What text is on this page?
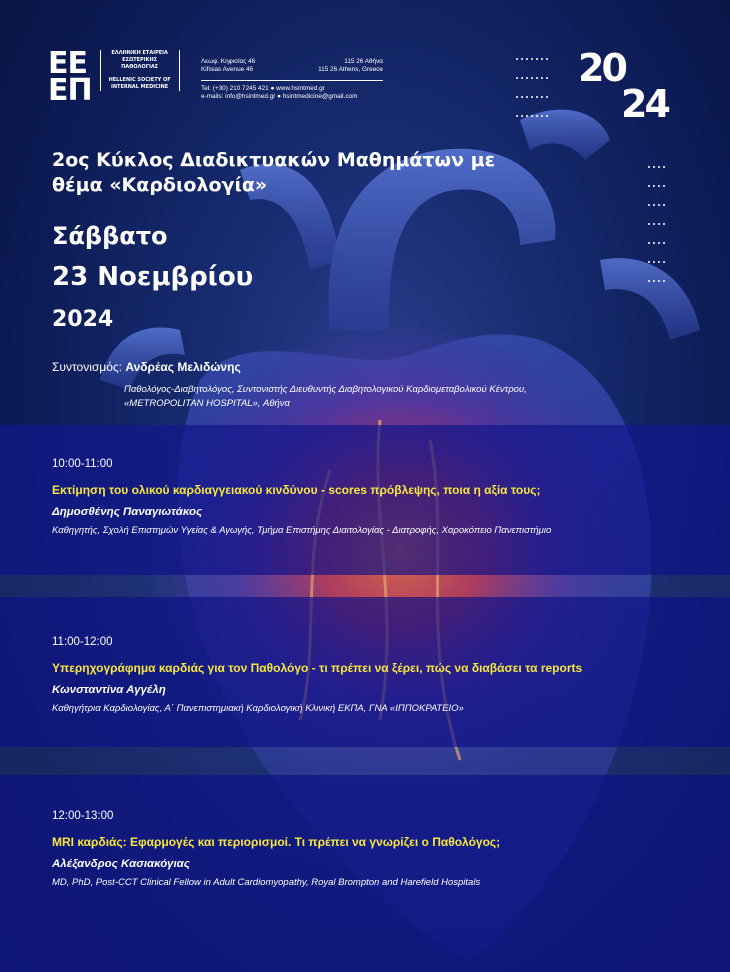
ΕΕ
ΕΠ
ΕΛΛΗΝΙΚΗ ΕΤΑΙΡΕΙΑ ΕΣΩΤΕΡΙΚΗΣ ΠΑΘΟΛΟΓΙΑΣ
HELLENIC SOCIETY OF INTERNAL MEDICINE
Λεωφ. Κηφισίας 46	115 26 Αθήνα
Kifisias Avenue 46	115 26 Athens, Greece
Tel: (+30) 210 7245 421 ● www.hsintmed.gr
e-mails: info@hsintmed.gr ● hsintmedicine@gmail.com

20
24
2ος Κύκλος Διαδικτυακών Μαθημάτων με θέμα «Καρδιολογία»
Σάββατο
23 Νοεμβρίου
2024
Συντονισμός: Ανδρέας Μελιδώνης
Παθολόγος-Διαβητολόγος, Συντονιστής Διευθυντής Διαβητολογικού Καρδιομεταβολικού Κέντρου, «METROPOLITAN HOSPITAL», Αθήνα
10:00-11:00
Εκτίμηση του ολικού καρδιαγγειακού κινδύνου - scores πρόβλεψης, ποια η αξία τους;
Δημοσθένης Παναγιωτάκος
Καθηγητής, Σχολή Επιστημών Υγείας & Αγωγής, Τμήμα Επιστήμης Διαιτολογίας - Διατροφής, Χαροκόπειο Πανεπιστήμιο
11:00-12:00
Υπερηχογράφημα καρδιάς για τον Παθολόγο - τι πρέπει να ξέρει, πώς να διαβάσει τα reports
Κωνσταντίνα Αγγέλη
Καθηγήτρια Καρδιολογίας, Α΄ Πανεπιστημιακή Καρδιολογική Κλινική ΕΚΠΑ, ΓΝΑ «ΙΠΠΟΚΡΑΤΕΙΟ»
12:00-13:00
MRI καρδιάς: Εφαρμογές και περιορισμοί. Τι πρέπει να γνωρίζει ο Παθολόγος;
Αλέξανδρος Κασιακόγιας
MD, PhD, Post-CCT Clinical Fellow in Adult Cardiomyopathy, Royal Brompton and Harefield Hospitals
